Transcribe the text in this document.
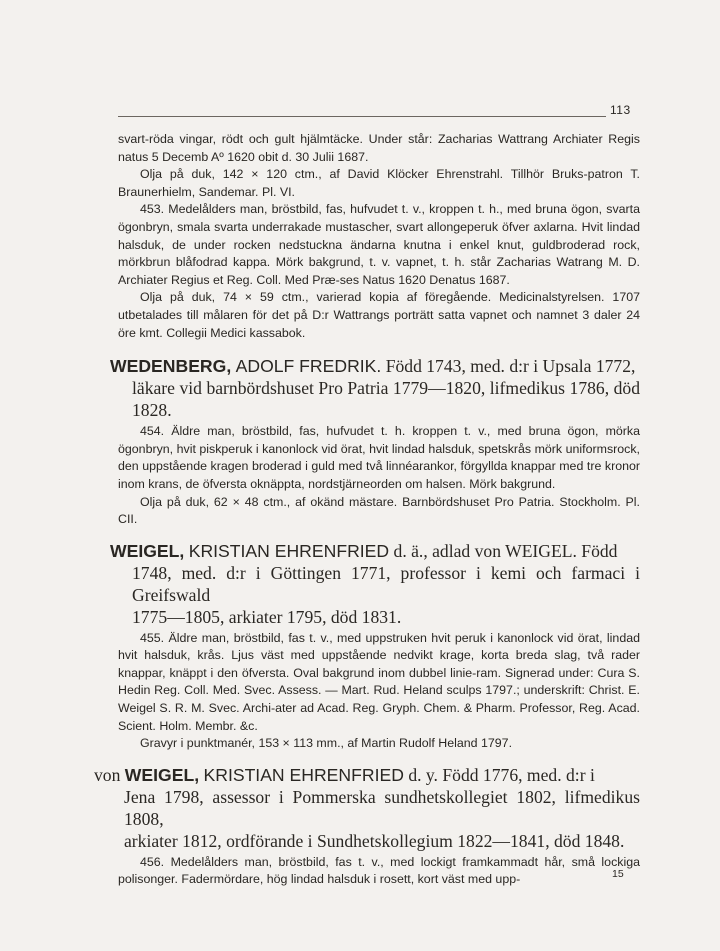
113

svart-röda vingar, rödt och gult hjälmtäcke. Under står: Zacharias Wattrang Archiater Regis natus 5 Decemb Aº 1620 obit d. 30 Julii 1687.

Olja på duk, 142 × 120 ctm., af David Klöcker Ehrenstrahl. Tillhör Bruks-patron T. Braunerhielm, Sandemar. Pl. VI.

453. Medelålders man, bröstbild, fas, hufvudet t. v., kroppen t. h., med bruna ögon, svarta ögonbryn, smala svarta underrakade mustascher, svart allongeperuk öfver axlarna. Hvit lindad halsduk, de under rocken nedstuckna ändarna knutna i enkel knut, guldbroderad rock, mörkbrun blåfodrad kappa. Mörk bakgrund, t. v. vapnet, t. h. står Zacharias Watrang M. D. Archiater Regius et Reg. Coll. Med Præ-ses Natus 1620 Denatus 1687.

Olja på duk, 74 × 59 ctm., varierad kopia af föregående. Medicinalstyrelsen. 1707 utbetalades till målaren för det på D:r Wattrangs porträtt satta vapnet och namnet 3 daler 24 öre kmt. Collegii Medici kassabok.

WEDENBERG, ADOLF FREDRIK. Född 1743, med. d:r i Upsala 1772,
läkare vid barnbördshuset Pro Patria 1779—1820, lifmedikus 1786, död 1828.

454. Äldre man, bröstbild, fas, hufvudet t. h. kroppen t. v., med bruna ögon, mörka ögonbryn, hvit piskperuk i kanonlock vid örat, hvit lindad halsduk, spetskrås mörk uniformsrock, den uppstående kragen broderad i guld med två linnéarankor, förgyllda knappar med tre kronor inom krans, de öfversta oknäppta, nordstjärneorden om halsen. Mörk bakgrund.

Olja på duk, 62 × 48 ctm., af okänd mästare. Barnbördshuset Pro Patria. Stockholm. Pl. CII.

WEIGEL, KRISTIAN EHRENFRIED d. ä., adlad von WEIGEL. Född
1748, med. d:r i Göttingen 1771, professor i kemi och farmaci i Greifswald
1775—1805, arkiater 1795, död 1831.

455. Äldre man, bröstbild, fas t. v., med uppstruken hvit peruk i kanonlock vid örat, lindad hvit halsduk, krås. Ljus väst med uppstående nedvikt krage, korta breda slag, två rader knappar, knäppt i den öfversta. Oval bakgrund inom dubbel linie-ram. Signerad under: Cura S. Hedin Reg. Coll. Med. Svec. Assess. — Mart. Rud. Heland sculps 1797.; underskrift: Christ. E. Weigel S. R. M. Svec. Archi-ater ad Acad. Reg. Gryph. Chem. & Pharm. Professor, Reg. Acad. Scient. Holm. Membr. &c.

Gravyr i punktmanér, 153 × 113 mm., af Martin Rudolf Heland 1797.

von WEIGEL, KRISTIAN EHRENFRIED d. y. Född 1776, med. d:r i
Jena 1798, assessor i Pommerska sundhetskollegiet 1802, lifmedikus 1808,
arkiater 1812, ordförande i Sundhetskollegium 1822—1841, död 1848.

456. Medelålders man, bröstbild, fas t. v., med lockigt framkammadt hår, små lockiga polisonger. Fadermördare, hög lindad halsduk i rosett, kort väst med upp-	15
